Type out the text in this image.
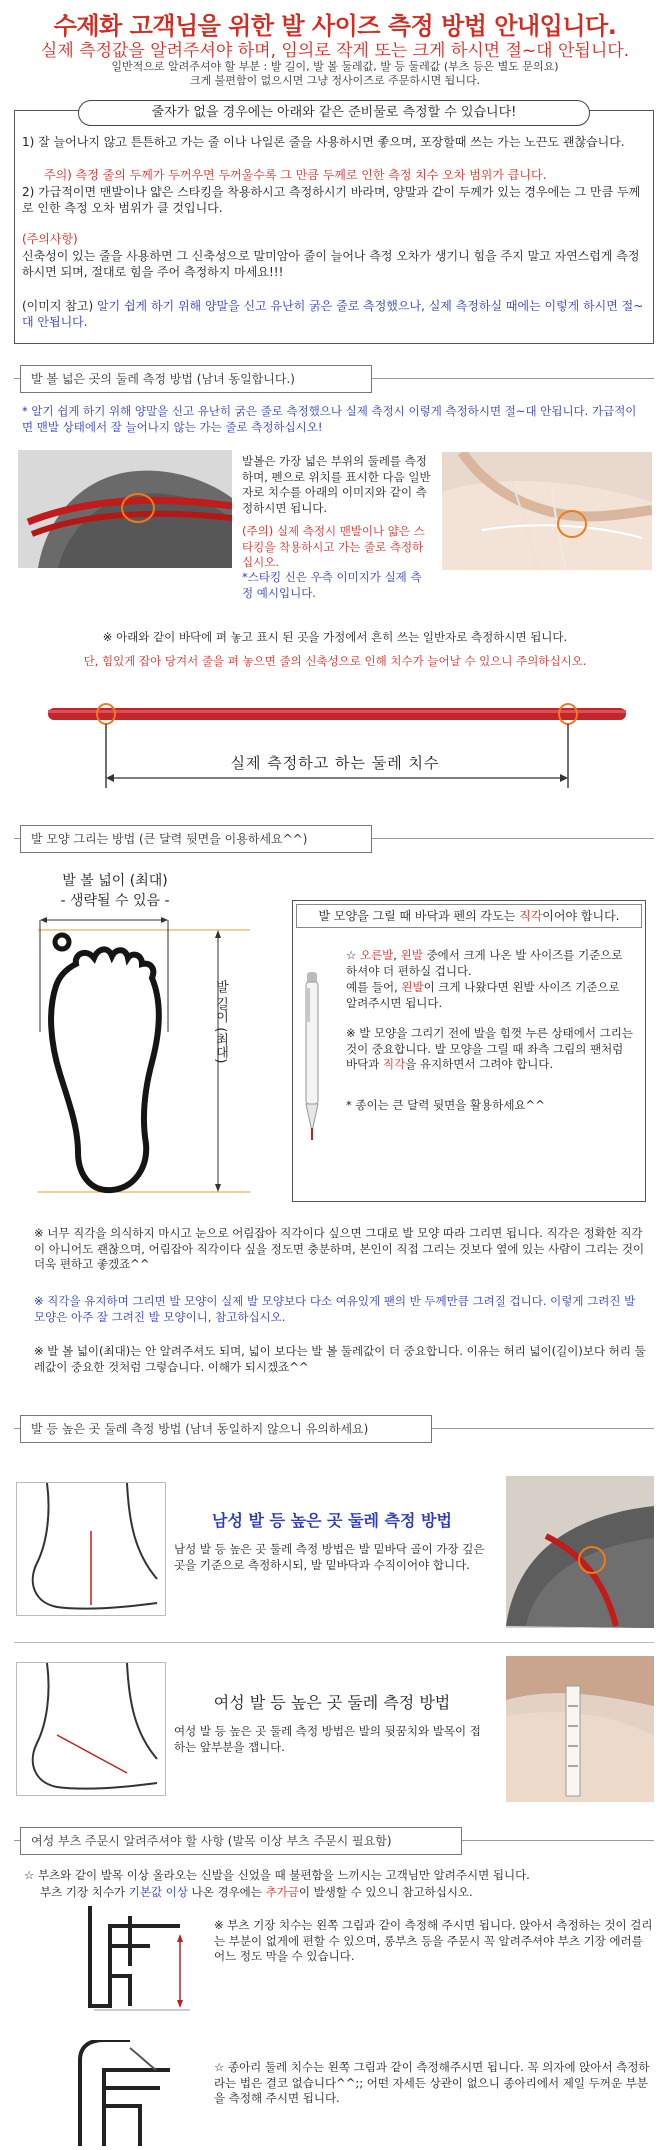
수제화 고객님을 위한 발 사이즈 측정 방법 안내입니다.
실제 측정값을 알려주셔야 하며, 임의로 작게 또는 크게 하시면 절~대 안됩니다.
일반적으로 알려주셔야 할 부분 : 발 길이, 발 볼 둘레값, 발 등 둘레값 (부츠 등은 별도 문의요)
크게 불편함이 없으시면 그냥 정사이즈로 주문하시면 됩니다.
줄자가 없을 경우에는 아래와 같은 준비물로 측정할 수 있습니다!
1) 잘 늘어나지 않고 튼튼하고 가는 줄 이나 나일론 줄을 사용하시면 좋으며, 포장할때 쓰는 가는 노끈도 괜찮습니다.
주의) 측정 줄의 두께가 두꺼우면 두꺼울수록 그 만큼 두께로 인한 측정 치수 오차 범위가 큽니다.
2) 가급적이면 맨발이나 얇은 스타킹을 착용하시고 측정하시기 바라며, 양말과 같이 두께가 있는 경우에는 그 만큼 두께로 인한 측정 오차 범위가 클 것입니다.
(주의사항)
신축성이 있는 줄을 사용하면 그 신축성으로 말미암아 줄이 늘어나 측정 오차가 생기니 힘을 주지 말고 자연스럽게 측정하시면 되며, 절대로 힘을 주어 측정하지 마세요!!!
(이미지 참고) 알기 쉽게 하기 위해 양말을 신고 유난히 굵은 줄로 측정했으나, 실제 측정하실 때에는 이렇게 하시면 절~대 안됩니다.
발 볼 넓은 곳의 둘레 측정 방법 (남녀 동일합니다.)
* 알기 쉽게 하기 위해 양말을 신고 유난히 굵은 줄로 측정했으나 실제 측정시 이렇게 측정하시면 절~대 안됩니다. 가급적이면 맨발 상태에서 잘 늘어나지 않는 가는 줄로 측정하십시오!
발볼은 가장 넓은 부위의 둘레를 측정하며, 펜으로 위치를 표시한 다음 일반자로 치수를 아래의 이미지와 같이 측정하시면 됩니다.
(주의) 실제 측정시 맨발이나 얇은 스타킹을 착용하시고 가는 줄로 측정하십시오.
*스타킹 신은 우측 이미지가 실제 측정 예시입니다.
※ 아래와 같이 바닥에 펴 놓고 표시 된 곳을 가정에서 흔히 쓰는 일반자로 측정하시면 됩니다.
단, 힘있게 잡아 당겨서 줄을 펴 놓으면 줄의 신축성으로 인해 치수가 늘어날 수 있으니 주의하십시오.
실제 측정하고 하는 둘레 치수
발 모양 그리는 방법 (큰 달력 뒷면을 이용하세요^^)
발 볼 넓이 (최대)
- 생략될 수 있음 -
발 길이 (최대)
발 모양을 그릴 때 바닥과 펜의 각도는 직각이어야 합니다.
☆ 오른발, 왼발 중에서 크게 나온 발 사이즈를 기준으로 하셔야 더 편하실 겁니다.
예를 들어, 왼발이 크게 나왔다면 왼발 사이즈 기준으로 알려주시면 됩니다.
※ 발 모양을 그리기 전에 발을 힘껏 누른 상태에서 그리는 것이 중요합니다. 발 모양을 그릴 때 좌측 그림의 팬처럼 바닥과 직각을 유지하면서 그려야 합니다.
* 종이는 큰 달력 뒷면을 활용하세요^^
※ 너무 직각을 의식하지 마시고 눈으로 어림잡아 직각이다 싶으면 그대로 발 모양 따라 그리면 됩니다. 직각은 정확한 직각이 아니어도 괜찮으며, 어림잡아 직각이다 싶을 정도면 충분하며, 본인이 직접 그리는 것보다 옆에 있는 사람이 그리는 것이 더욱 편하고 좋겠죠^^
※ 직각을 유지하며 그리면 발 모양이 실제 발 모양보다 다소 여유있게 팬의 반 두께만큼 그려질 겁니다. 이렇게 그려진 발 모양은 아주 잘 그려진 발 모양이니, 참고하십시오.
※ 발 볼 넓이(최대)는 안 알려주셔도 되며, 넓이 보다는 발 볼 둘레값이 더 중요합니다. 이유는 허리 넓이(길이)보다 허리 둘레값이 중요한 것처럼 그렇습니다. 이해가 되시겠죠^^
발 등 높은 곳 둘레 측정 방법 (남녀 동일하지 않으니 유의하세요)
남성 발 등 높은 곳 둘레 측정 방법
남성 발 등 높은 곳 둘레 측정 방법은 발 밑바닥 골이 가장 깊은 곳을 기준으로 측정하시되, 발 밑바닥과 수직이어야 합니다.
여성 발 등 높은 곳 둘레 측정 방법
여성 발 등 높은 곳 둘레 측정 방법은 발의 뒷꿈치와 발목이 접하는 앞부분을 잽니다.
여성 부츠 주문시 알려주셔야 할 사항 (발목 이상 부츠 주문시 필요함)
☆ 부츠와 같이 발목 이상 올라오는 신발을 신었을 때 불편함을 느끼시는 고객님만 알려주시면 됩니다.
부츠 기장 치수가 기본값 이상 나온 경우에는 추가금이 발생할 수 있으니 참고하십시오.
※ 부츠 기장 치수는 왼쪽 그림과 같이 측정해 주시면 됩니다. 앉아서 측정하는 것이 걸리는 부분이 없게에 편할 수 있으며, 롱부츠 등을 주문시 꼭 알려주셔야 부츠 기장 에러를 어느 정도 막을 수 있습니다.
☆ 종아리 둘레 치수는 왼쪽 그림과 같이 측정해주시면 됩니다. 꼭 의자에 앉아서 측정하라는 법은 결코 없습니다^^;; 어떤 자세든 상관이 없으니 종아리에서 제일 두꺼운 부분을 측정해 주시면 됩니다.
